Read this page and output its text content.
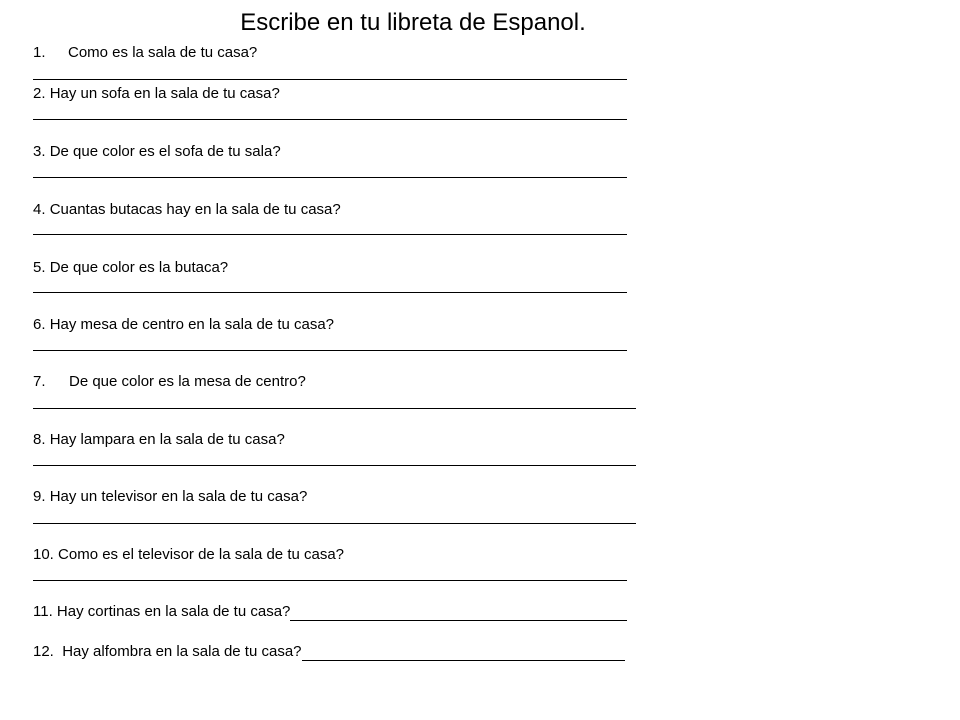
Escribe en tu libreta de Espanol.
1. Como es la sala de tu casa?
2. Hay un sofa en la sala de tu casa?
3. De que color es el sofa de tu sala?
4. Cuantas butacas hay en la sala de tu casa?
5. De que color es la butaca?
6. Hay mesa de centro en la sala de tu casa?
7. De que color es la mesa de centro?
8. Hay lampara en la sala de tu casa?
9. Hay un televisor en la sala de tu casa?
10. Como es el televisor de la sala de tu casa?
11. Hay cortinas en la sala de tu casa?
12. Hay alfombra en la sala de tu casa?
